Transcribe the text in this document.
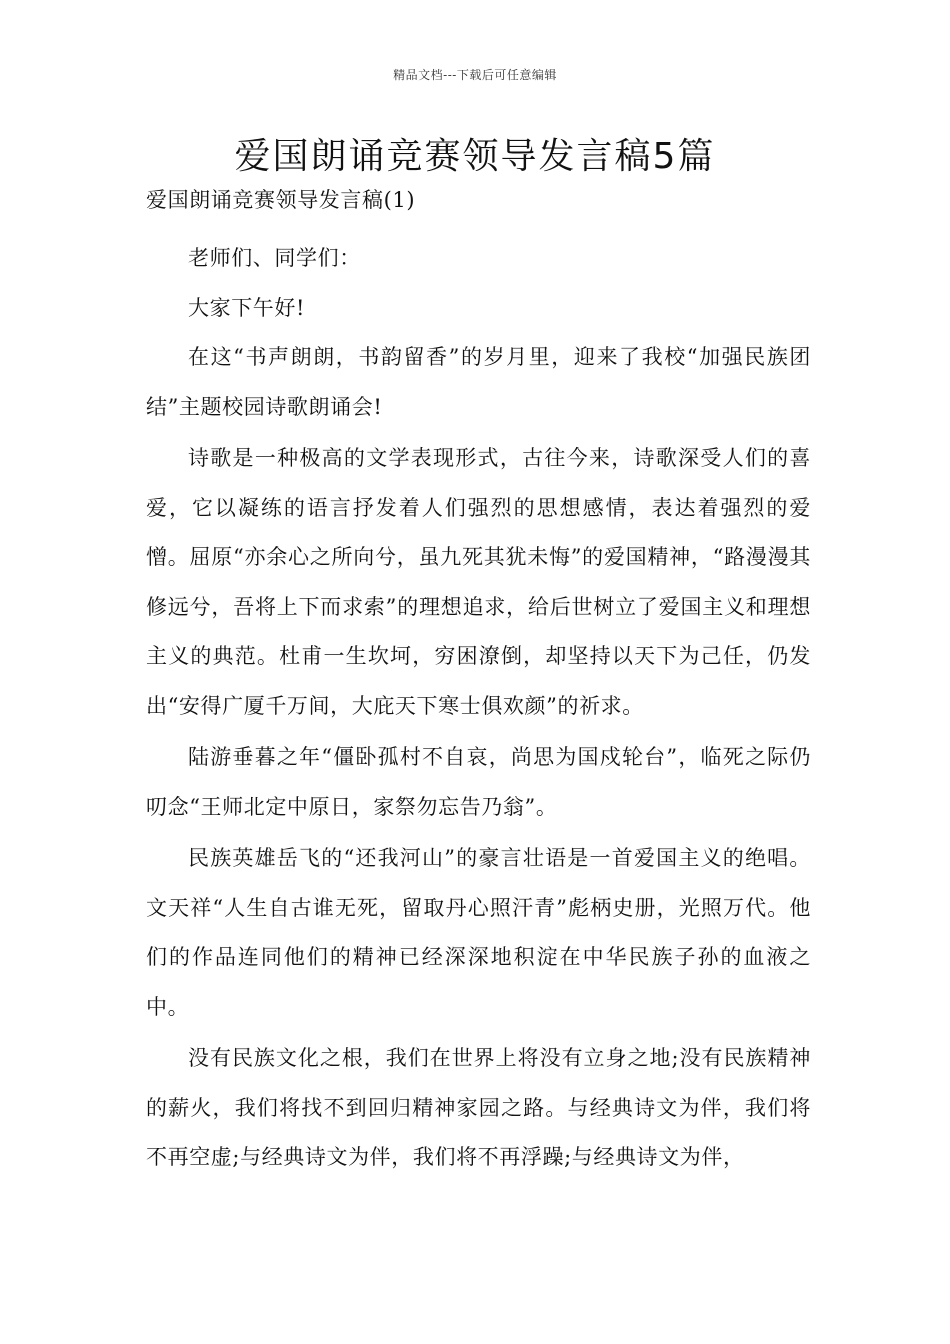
精品文档---下载后可任意编辑
爱国朗诵竞赛领导发言稿5篇

爱国朗诵竞赛领导发言稿(1)

老师们、同学们：

大家下午好!

在这“书声朗朗，书韵留香”的岁月里，迎来了我校“加强民族团结”主题校园诗歌朗诵会!

诗歌是一种极高的文学表现形式，古往今来，诗歌深受人们的喜爱，它以凝练的语言抒发着人们强烈的思想感情，表达着强烈的爱憎。屈原“亦余心之所向兮，虽九死其犹未悔”的爱国精神，“路漫漫其修远兮，吾将上下而求索”的理想追求，给后世树立了爱国主义和理想主义的典范。杜甫一生坎坷，穷困潦倒，却坚持以天下为己任，仍发出“安得广厦千万间，大庇天下寒士俱欢颜”的祈求。

陆游垂暮之年“僵卧孤村不自哀，尚思为国戍轮台”，临死之际仍叨念“王师北定中原日，家祭勿忘告乃翁”。

民族英雄岳飞的“还我河山”的豪言壮语是一首爱国主义的绝唱。文天祥“人生自古谁无死，留取丹心照汗青”彪柄史册，光照万代。他们的作品连同他们的精神已经深深地积淀在中华民族子孙的血液之中。

没有民族文化之根，我们在世界上将没有立身之地;没有民族精神的薪火，我们将找不到回归精神家园之路。与经典诗文为伴，我们将不再空虚;与经典诗文为伴，我们将不再浮躁;与经典诗文为伴，
